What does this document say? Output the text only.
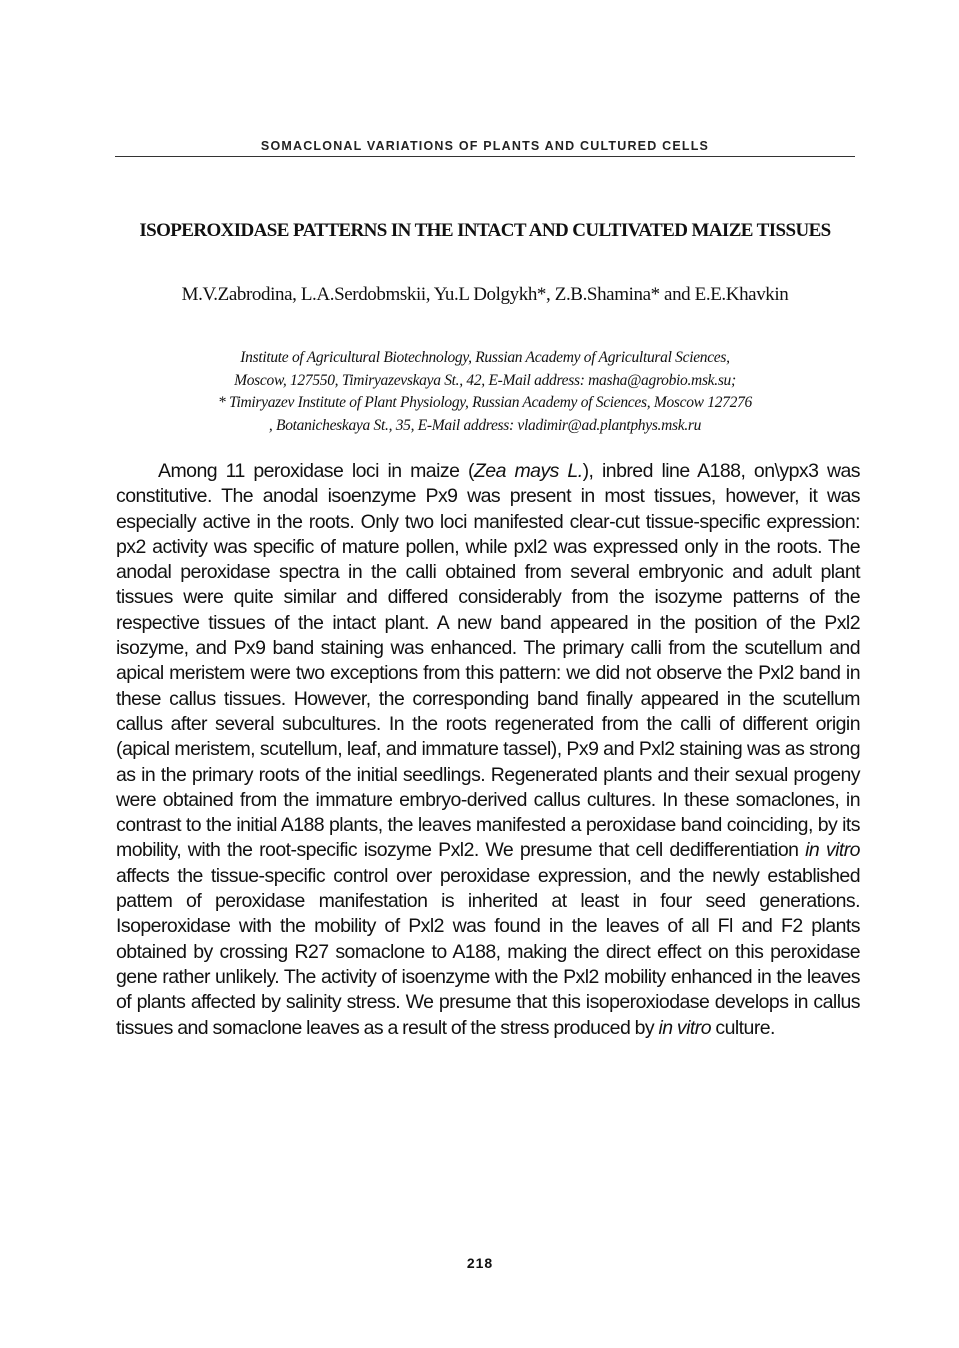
SOMACLONAL VARIATIONS OF PLANTS AND CULTURED CELLS
ISOPEROXIDASE PATTERNS IN THE INTACT AND CULTIVATED MAIZE TISSUES
M.V.Zabrodina, L.A.Serdobmskii, Yu.L Dolgykh*, Z.B.Shamina* and E.E.Khavkin
Institute of Agricultural Biotechnology, Russian Academy of Agricultural Sciences,
Moscow, 127550, Timiryazevskaya St., 42, E-Mail address: masha@agrobio.msk.su;
* Timiryazev Institute of Plant Physiology, Russian Academy of Sciences, Moscow 127276
, Botanicheskaya St., 35, E-Mail address: vladimir@ad.plantphys.msk.ru

Among 11 peroxidase loci in maize (Zea mays L.), inbred line A188, on\ypx3 was constitutive. The anodal isoenzyme Px9 was present in most tissues, however, it was especially active in the roots. Only two loci manifested clear-cut tissue-specific expression: px2 activity was specific of mature pollen, while pxl2 was expressed only in the roots. The anodal peroxidase spectra in the calli obtained from several embryonic and adult plant tissues were quite similar and differed considerably from the isozyme patterns of the respective tissues of the intact plant. A new band appeared in the position of the Pxl2 isozyme, and Px9 band staining was enhanced. The primary calli from the scutellum and apical meristem were two exceptions from this pattern: we did not observe the Pxl2 band in these callus tissues. However, the corresponding band finally appeared in the scutellum callus after several subcultures. In the roots regenerated from the calli of different origin (apical meristem, scutellum, leaf, and immature tassel), Px9 and Pxl2 staining was as strong as in the primary roots of the initial seedlings. Regenerated plants and their sexual progeny were obtained from the immature embryo-derived callus cultures. In these somaclones, in contrast to the initial A188 plants, the leaves manifested a peroxidase band coinciding, by its mobility, with the root-specific isozyme Pxl2. We presume that cell dedifferentiation in vitro affects the tissue-specific control over peroxidase expression, and the newly established pattem of peroxidase manifestation is inherited at least in four seed generations. Isoperoxidase with the mobility of Pxl2 was found in the leaves of all Fl and F2 plants obtained by crossing R27 somaclone to A188, making the direct effect on this peroxidase gene rather unlikely. The activity of isoenzyme with the Pxl2 mobility enhanced in the leaves of plants affected by salinity stress. We presume that this isoperoxiodase develops in callus tissues and somaclone leaves as a result of the stress produced by in vitro culture.

218
